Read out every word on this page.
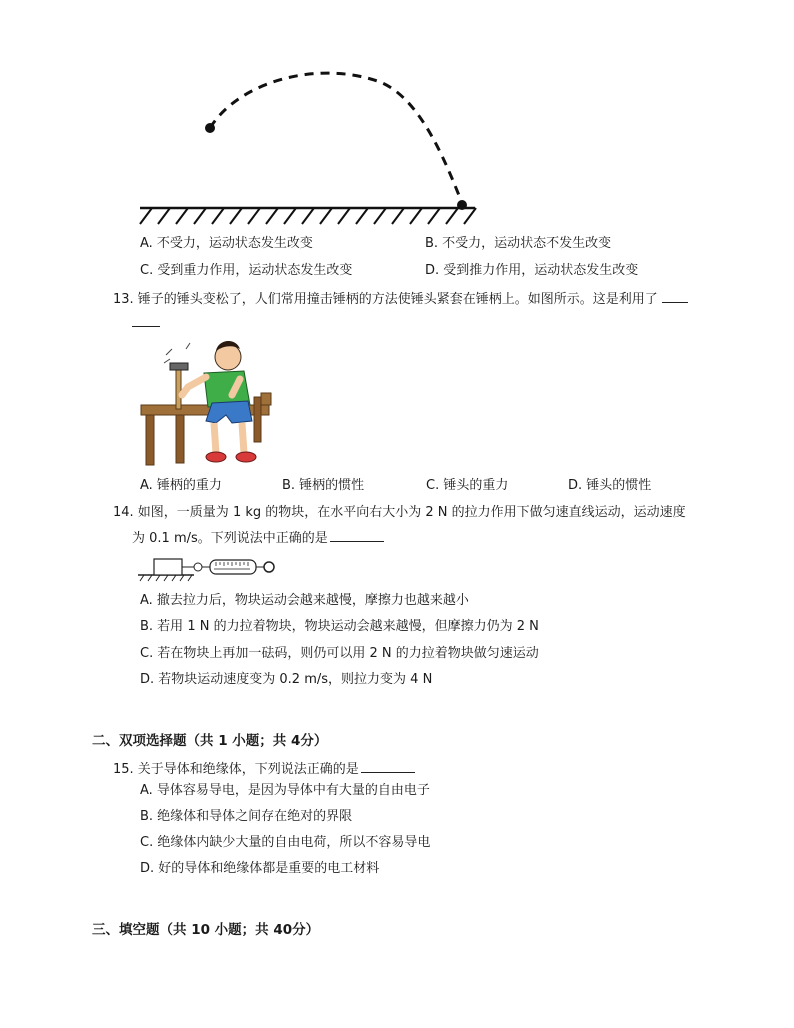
A. 不受力，运动状态发生改变	B. 不受力，运动状态不发生改变
C. 受到重力作用，运动状态发生改变	D. 受到推力作用，运动状态发生改变
13. 锤子的锤头变松了，人们常用撞击锤柄的方法使锤头紧套在锤柄上。如图所示。这是利用了
A. 锤柄的重力	B. 锤柄的惯性	C. 锤头的重力	D. 锤头的惯性
14. 如图，一质量为 1 kg 的物块，在水平向右大小为 2 N 的拉力作用下做匀速直线运动，运动速度
为 0.1 m/s。下列说法中正确的是
A. 撤去拉力后，物块运动会越来越慢，摩擦力也越来越小
B. 若用 1 N 的力拉着物块，物块运动会越来越慢，但摩擦力仍为 2 N
C. 若在物块上再加一砝码，则仍可以用 2 N 的力拉着物块做匀速运动
D. 若物块运动速度变为 0.2 m/s，则拉力变为 4 N
二、双项选择题（共 1 小题；共 4分）
15. 关于导体和绝缘体，下列说法正确的是
A. 导体容易导电，是因为导体中有大量的自由电子
B. 绝缘体和导体之间存在绝对的界限
C. 绝缘体内缺少大量的自由电荷，所以不容易导电
D. 好的导体和绝缘体都是重要的电工材料
三、填空题（共 10 小题；共 40分）
